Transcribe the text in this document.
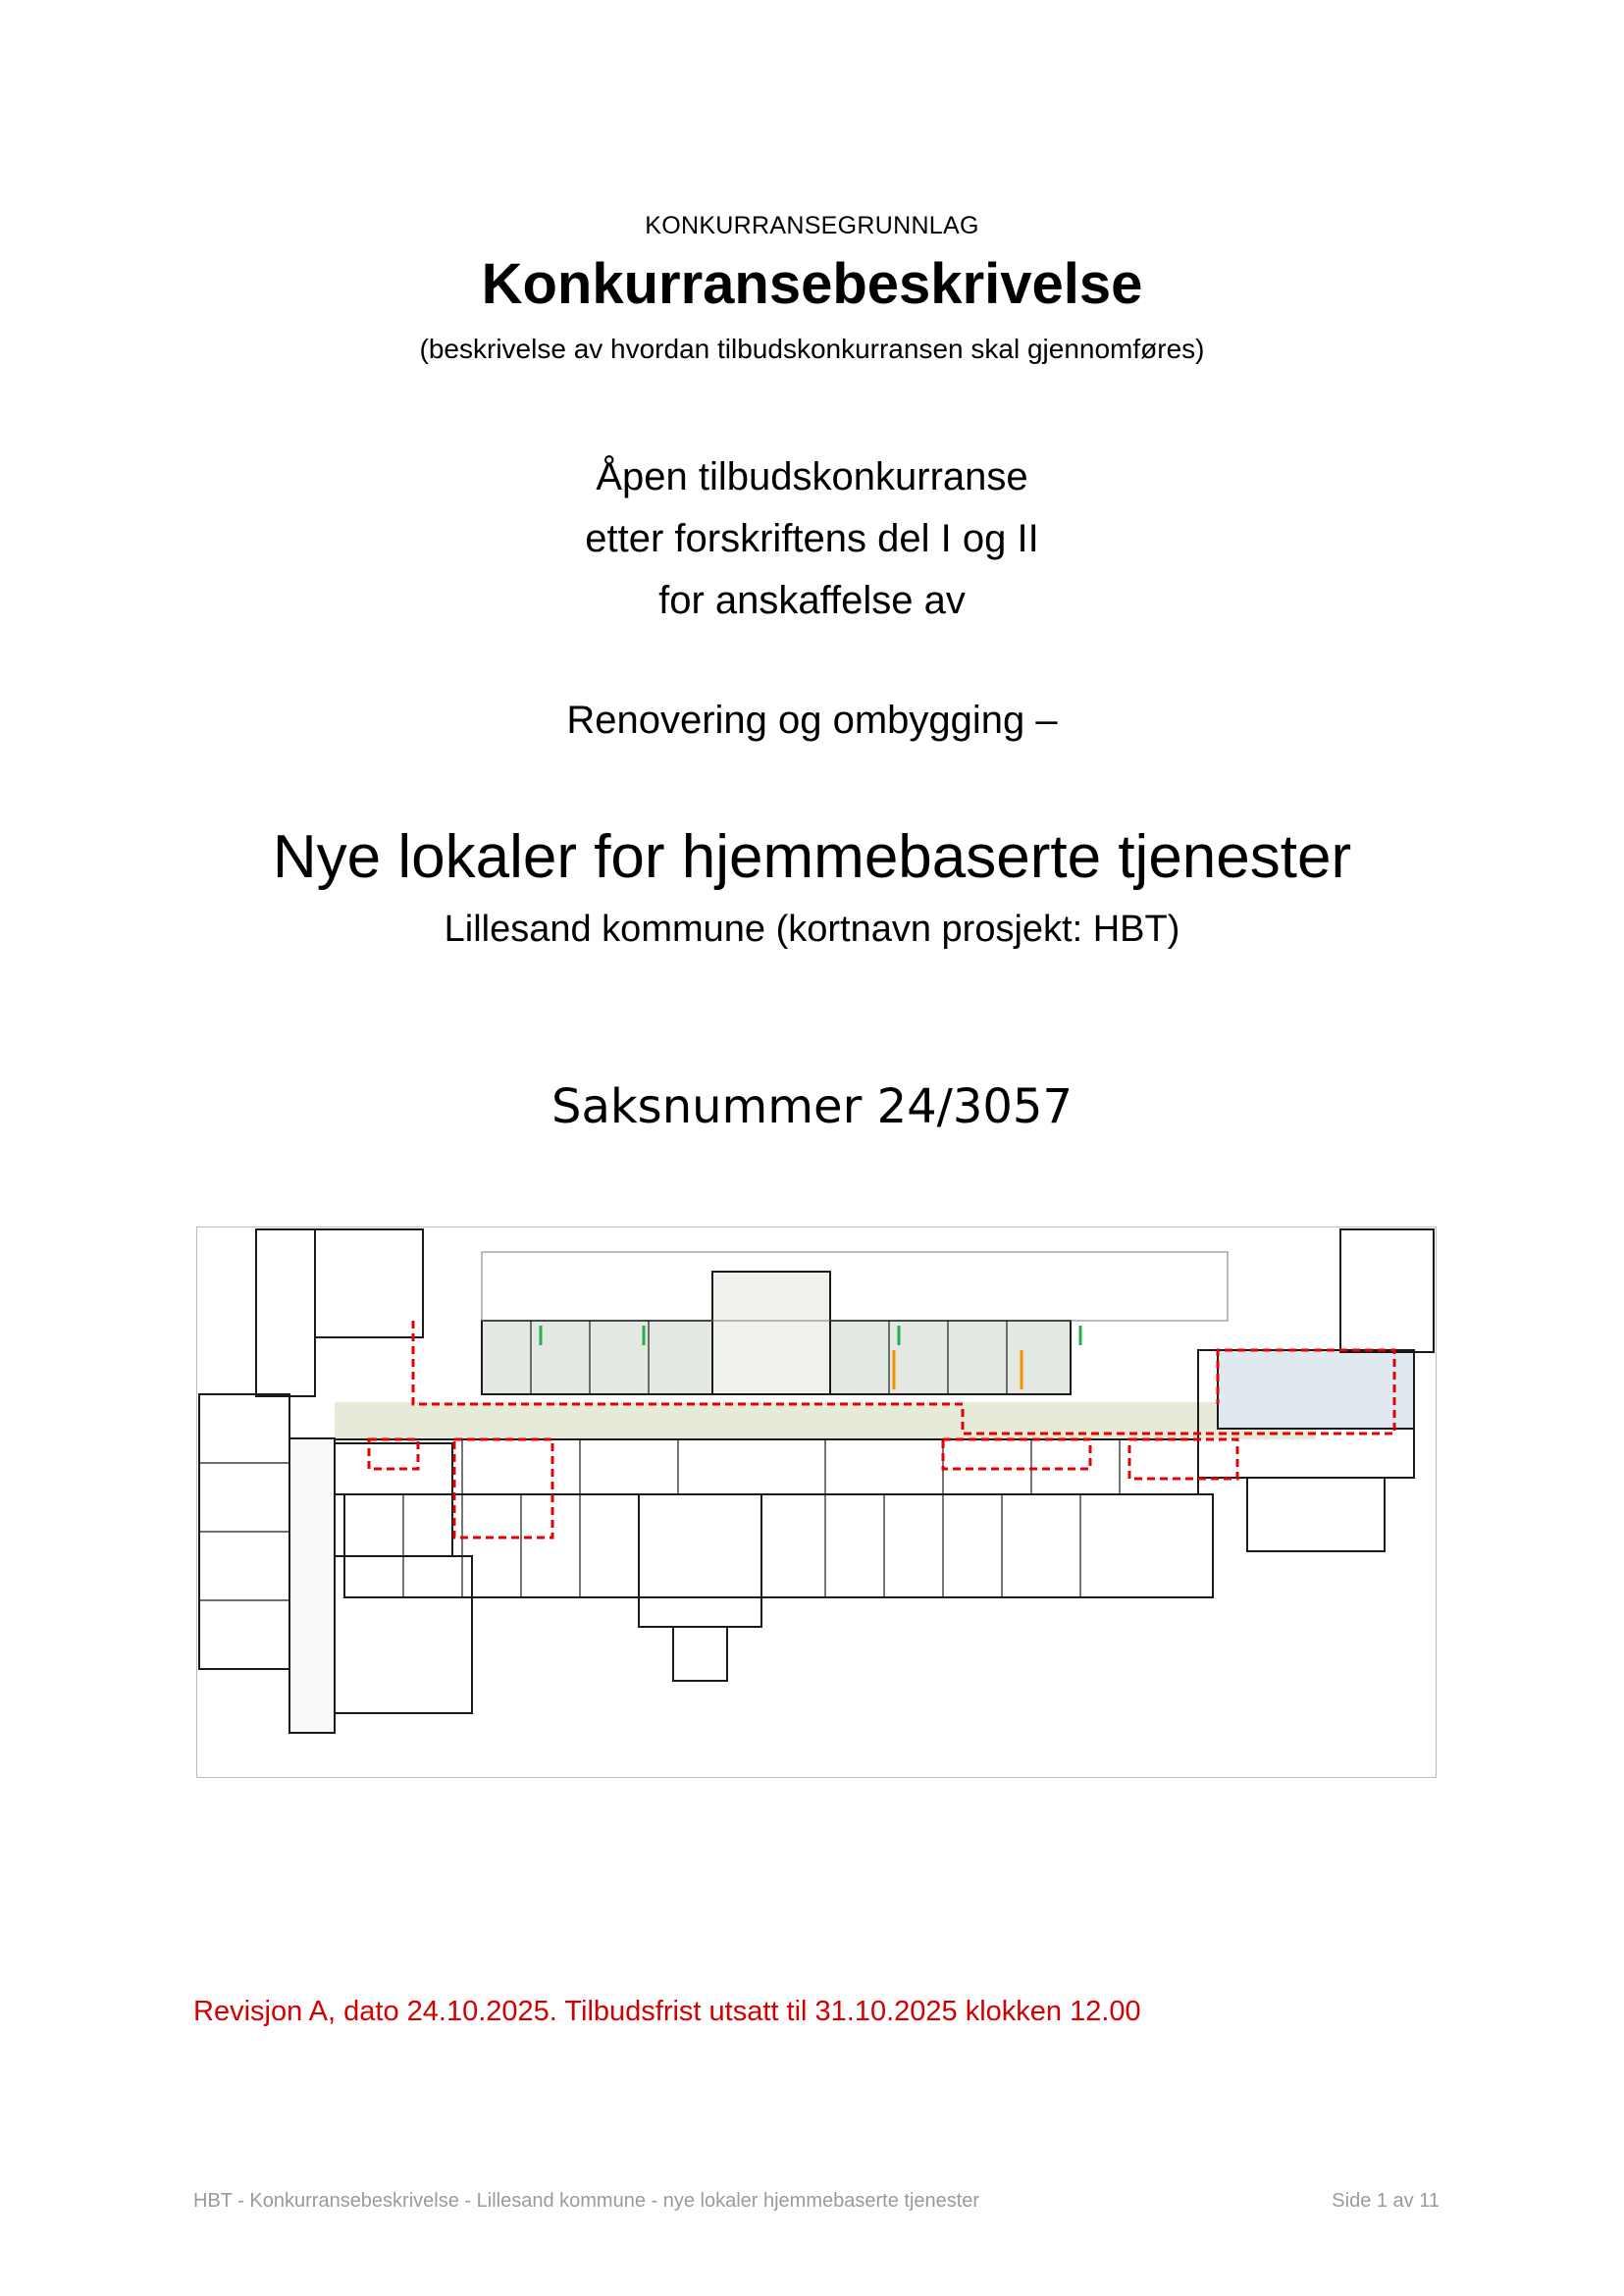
KONKURRANSEGRUNNLAG
Konkurransebeskrivelse
(beskrivelse av hvordan tilbudskonkurransen skal gjennomføres)
Åpen tilbudskonkurranse
etter forskriftens del I og II
for anskaffelse av
Renovering og ombygging –
Nye lokaler for hjemmebaserte tjenester
Lillesand kommune (kortnavn prosjekt: HBT)
Saksnummer 24/3057
Revisjon A, dato 24.10.2025. Tilbudsfrist utsatt til 31.10.2025 klokken 12.00
HBT - Konkurransebeskrivelse - Lillesand kommune - nye lokaler hjemmebaserte tjenester	Side 1 av 11
